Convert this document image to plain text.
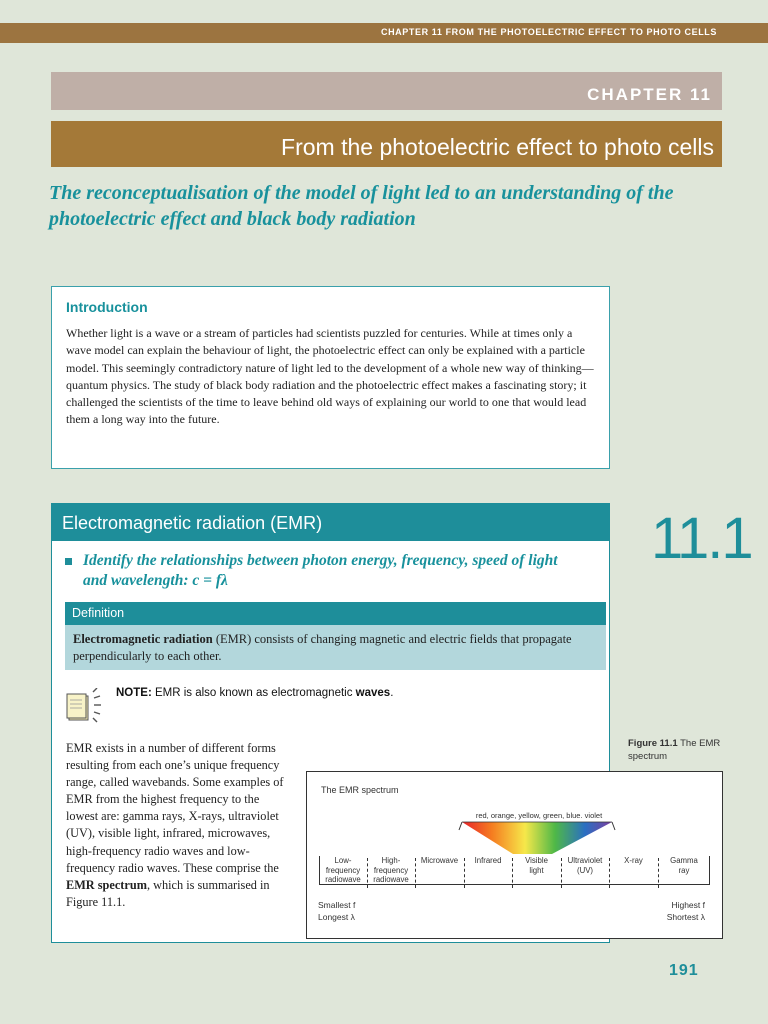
CHAPTER 11 FROM THE PHOTOELECTRIC EFFECT TO PHOTO CELLS
CHAPTER 11
From the photoelectric effect to photo cells
The reconceptualisation of the model of light led to an understanding of the photoelectric effect and black body radiation
Introduction
Whether light is a wave or a stream of particles had scientists puzzled for centuries. While at times only a wave model can explain the behaviour of light, the photoelectric effect can only be explained with a particle model. This seemingly contradictory nature of light led to the development of a whole new way of thinking—quantum physics. The study of black body radiation and the photoelectric effect makes a fascinating story; it challenged the scientists of the time to leave behind old ways of explaining our world to one that would lead them a long way into the future.
11.1
Electromagnetic radiation (EMR)
Identify the relationships between photon energy, frequency, speed of light and wavelength: c = fλ
Definition

Electromagnetic radiation (EMR) consists of changing magnetic and electric fields that propagate perpendicularly to each other.

NOTE: EMR is also known as electromagnetic waves.
EMR exists in a number of different forms resulting from each one’s unique frequency range, called wavebands. Some examples of EMR from the highest frequency to the lowest are: gamma rays, X-rays, ultraviolet (UV), visible light, infrared, microwaves, high-frequency radio waves and low-frequency radio waves. These comprise the EMR spectrum, which is summarised in Figure 11.1.
Figure 11.1 The EMR spectrum
The EMR spectrum
red, orange, yellow, green, blue. violet
Low-
frequency
radiowave
High-
frequency
radiowave
Microwave	Infrared	Visible
light
Ultraviolet
(UV)
X-ray	Gamma
ray
Smallest f
Longest λ
Highest f
Shortest λ
191
